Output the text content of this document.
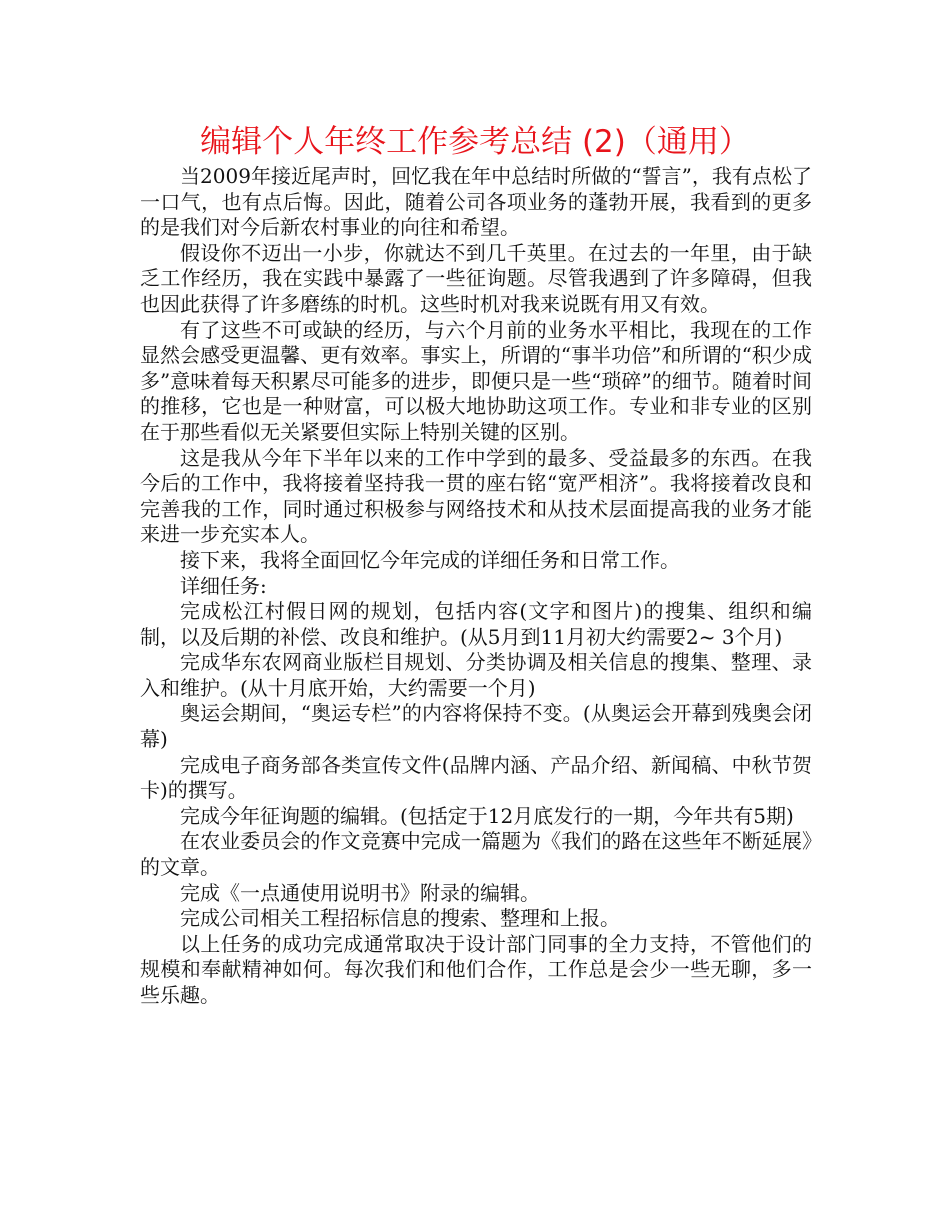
编辑个人年终工作参考总结 (2)（通用）

当2009年接近尾声时，回忆我在年中总结时所做的“誓言”，我有点松了一口气，也有点后悔。因此，随着公司各项业务的蓬勃开展，我看到的更多的是我们对今后新农村事业的向往和希望。

假设你不迈出一小步，你就达不到几千英里。在过去的一年里，由于缺乏工作经历，我在实践中暴露了一些征询题。尽管我遇到了许多障碍，但我也因此获得了许多磨练的时机。这些时机对我来说既有用又有效。

有了这些不可或缺的经历，与六个月前的业务水平相比，我现在的工作显然会感受更温馨、更有效率。事实上，所谓的“事半功倍”和所谓的“积少成多”意味着每天积累尽可能多的进步，即便只是一些“琐碎”的细节。随着时间的推移，它也是一种财富，可以极大地协助这项工作。专业和非专业的区别在于那些看似无关紧要但实际上特别关键的区别。

这是我从今年下半年以来的工作中学到的最多、受益最多的东西。在我今后的工作中，我将接着坚持我一贯的座右铭“宽严相济”。我将接着改良和完善我的工作，同时通过积极参与网络技术和从技术层面提高我的业务才能来进一步充实本人。

接下来，我将全面回忆今年完成的详细任务和日常工作。

详细任务:

完成松江村假日网的规划，包括内容(文字和图片)的搜集、组织和编制，以及后期的补偿、改良和维护。(从5月到11月初大约需要2~ 3个月)

完成华东农网商业版栏目规划、分类协调及相关信息的搜集、整理、录入和维护。(从十月底开始，大约需要一个月)

奥运会期间，“奥运专栏”的内容将保持不变。(从奥运会开幕到残奥会闭幕)

完成电子商务部各类宣传文件(品牌内涵、产品介绍、新闻稿、中秋节贺卡)的撰写。

完成今年征询题的编辑。(包括定于12月底发行的一期，今年共有5期)

在农业委员会的作文竞赛中完成一篇题为《我们的路在这些年不断延展》的文章。

完成《一点通使用说明书》附录的编辑。

完成公司相关工程招标信息的搜索、整理和上报。

以上任务的成功完成通常取决于设计部门同事的全力支持，不管他们的规模和奉献精神如何。每次我们和他们合作，工作总是会少一些无聊，多一些乐趣。
